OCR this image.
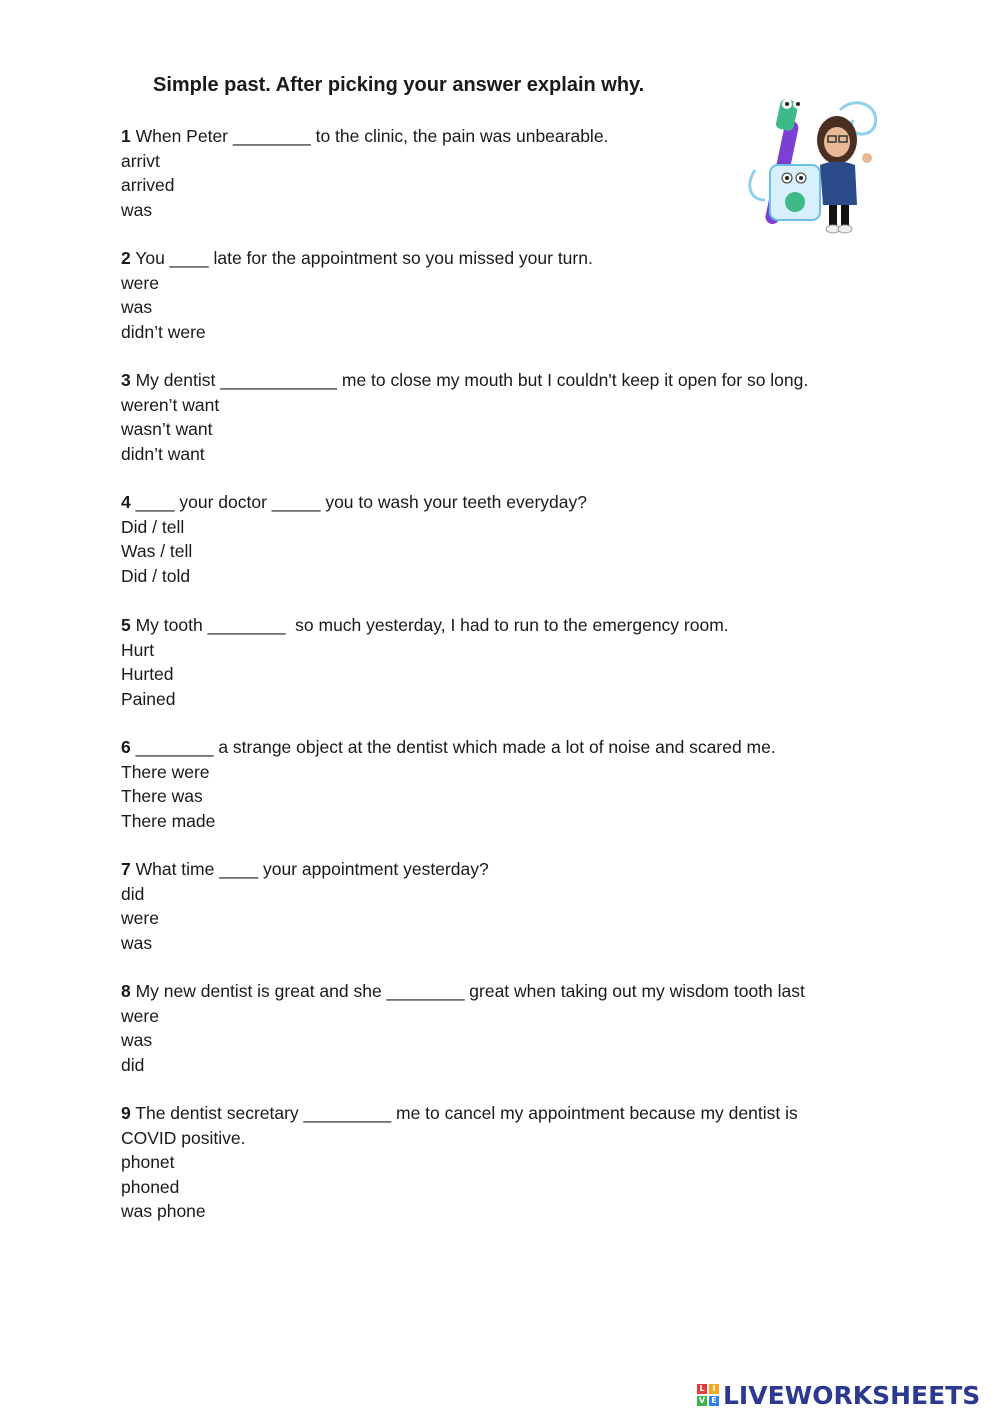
Simple past. After picking your answer explain why.
1 When Peter ________ to the clinic, the pain was unbearable.
arrivt
arrived
was
2 You ____ late for the appointment so you missed your turn.
were
was
didn’t were
3 My dentist ____________ me to close my mouth but I couldn't keep it open for so long.
weren’t want
wasn’t want
didn’t want
4 ____ your doctor _____ you to wash your teeth everyday?
Did / tell
Was / tell
Did / told
5 My tooth ________  so much yesterday, I had to run to the emergency room.
Hurt
Hurted
Pained
6 ________ a strange object at the dentist which made a lot of noise and scared me.
There were
There was
There made
7 What time ____ your appointment yesterday?
did
were
was
8 My new dentist is great and she ________ great when taking out my wisdom tooth last
were
was
did
9 The dentist secretary _________ me to cancel my appointment because my dentist is
COVID positive.
phonet
phoned
was phone
L I
V E LIVEWORKSHEETS
